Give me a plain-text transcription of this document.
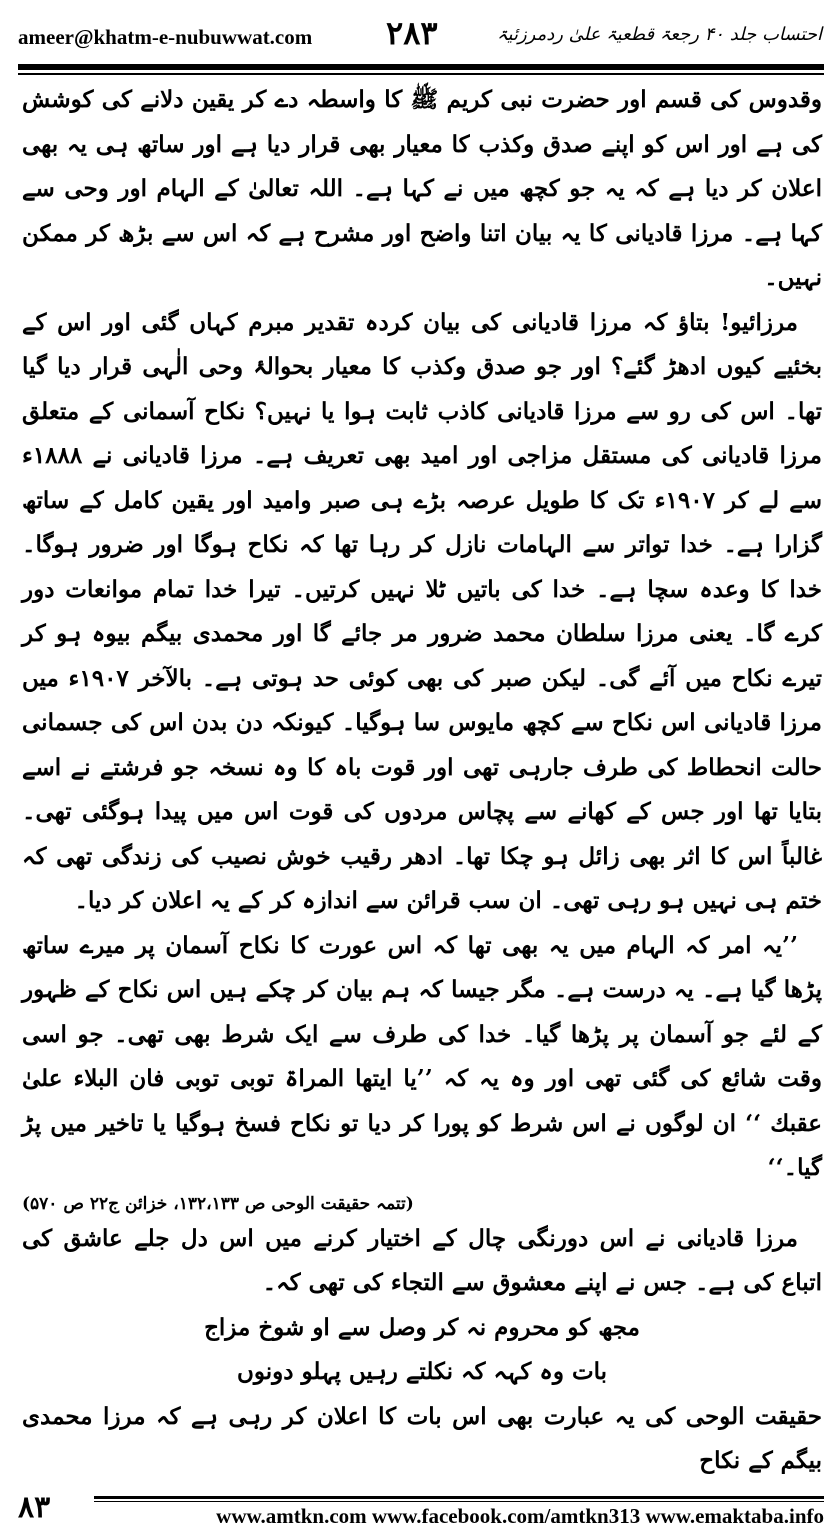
ameer@khatm-e-nubuwwat.com ۲۸۳	احتساب جلد ۴۰ رجعۃ قطعیۃ علیٰ ردمرزئیۃ

وقدوس کی قسم اور حضرت نبی کریم ﷺ کا واسطہ دے کر یقین دلانے کی کوشش کی ہے اور اس کو اپنے صدق وکذب کا معیار بھی قرار دیا ہے اور ساتھ ہی یہ بھی اعلان کر دیا ہے کہ یہ جو کچھ میں نے کہا ہے۔ اللہ تعالیٰ کے الہام اور وحی سے کہا ہے۔ مرزا قادیانی کا یہ بیان اتنا واضح اور مشرح ہے کہ اس سے بڑھ کر ممکن نہیں۔

مرزائیو! بتاؤ کہ مرزا قادیانی کی بیان کردہ تقدیر مبرم کہاں گئی اور اس کے بخئیے کیوں ادھڑ گئے؟ اور جو صدق وکذب کا معیار بحوالۂ وحی الٰہی قرار دیا گیا تھا۔ اس کی رو سے مرزا قادیانی کاذب ثابت ہوا یا نہیں؟ نکاح آسمانی کے متعلق مرزا قادیانی کی مستقل مزاجی اور امید بھی تعریف ہے۔ مرزا قادیانی نے ۱۸۸۸ء سے لے کر ۱۹۰۷ء تک کا طویل عرصہ بڑے ہی صبر وامید اور یقین کامل کے ساتھ گزارا ہے۔ خدا تواتر سے الہامات نازل کر رہا تھا کہ نکاح ہوگا اور ضرور ہوگا۔ خدا کا وعدہ سچا ہے۔ خدا کی باتیں ٹلا نہیں کرتیں۔ تیرا خدا تمام موانعات دور کرے گا۔ یعنی مرزا سلطان محمد ضرور مر جائے گا اور محمدی بیگم بیوہ ہو کر تیرے نکاح میں آئے گی۔ لیکن صبر کی بھی کوئی حد ہوتی ہے۔ بالآخر ۱۹۰۷ء میں مرزا قادیانی اس نکاح سے کچھ مایوس سا ہوگیا۔ کیونکہ دن بدن اس کی جسمانی حالت انحطاط کی طرف جارہی تھی اور قوت باہ کا وہ نسخہ جو فرشتے نے اسے بتایا تھا اور جس کے کھانے سے پچاس مردوں کی قوت اس میں پیدا ہوگئی تھی۔ غالباً اس کا اثر بھی زائل ہو چکا تھا۔ ادھر رقیب خوش نصیب کی زندگی تھی کہ ختم ہی نہیں ہو رہی تھی۔ ان سب قرائن سے اندازہ کر کے یہ اعلان کر دیا۔

’’یہ امر کہ الہام میں یہ بھی تھا کہ اس عورت کا نکاح آسمان پر میرے ساتھ پڑھا گیا ہے۔ یہ درست ہے۔ مگر جیسا کہ ہم بیان کر چکے ہیں اس نکاح کے ظہور کے لئے جو آسمان پر پڑھا گیا۔ خدا کی طرف سے ایک شرط بھی تھی۔ جو اسی وقت شائع کی گئی تھی اور وہ یہ کہ ’’یا ایتھا المراۃ توبی توبی فان البلاء علیٰ عقبك ‘‘ ان لوگوں نے اس شرط کو پورا کر دیا تو نکاح فسخ ہوگیا یا تاخیر میں پڑ گیا۔‘‘

(تتمہ حقیقت الوحی ص ۱۳۲،۱۳۳، خزائن ج۲۲ ص ۵۷۰)

مرزا قادیانی نے اس دورنگی چال کے اختیار کرنے میں اس دل جلے عاشق کی اتباع کی ہے۔ جس نے اپنے معشوق سے التجاء کی تھی کہ۔

مجھ کو محروم نہ کر وصل سے او شوخ مزاج

بات وہ کہہ کہ نکلتے رہیں پہلو دونوں

حقیقت الوحی کی یہ عبارت بھی اس بات کا اعلان کر رہی ہے کہ مرزا محمدی بیگم کے نکاح

۸۳	www.amtkn.com www.facebook.com/amtkn313 www.emaktaba.info
